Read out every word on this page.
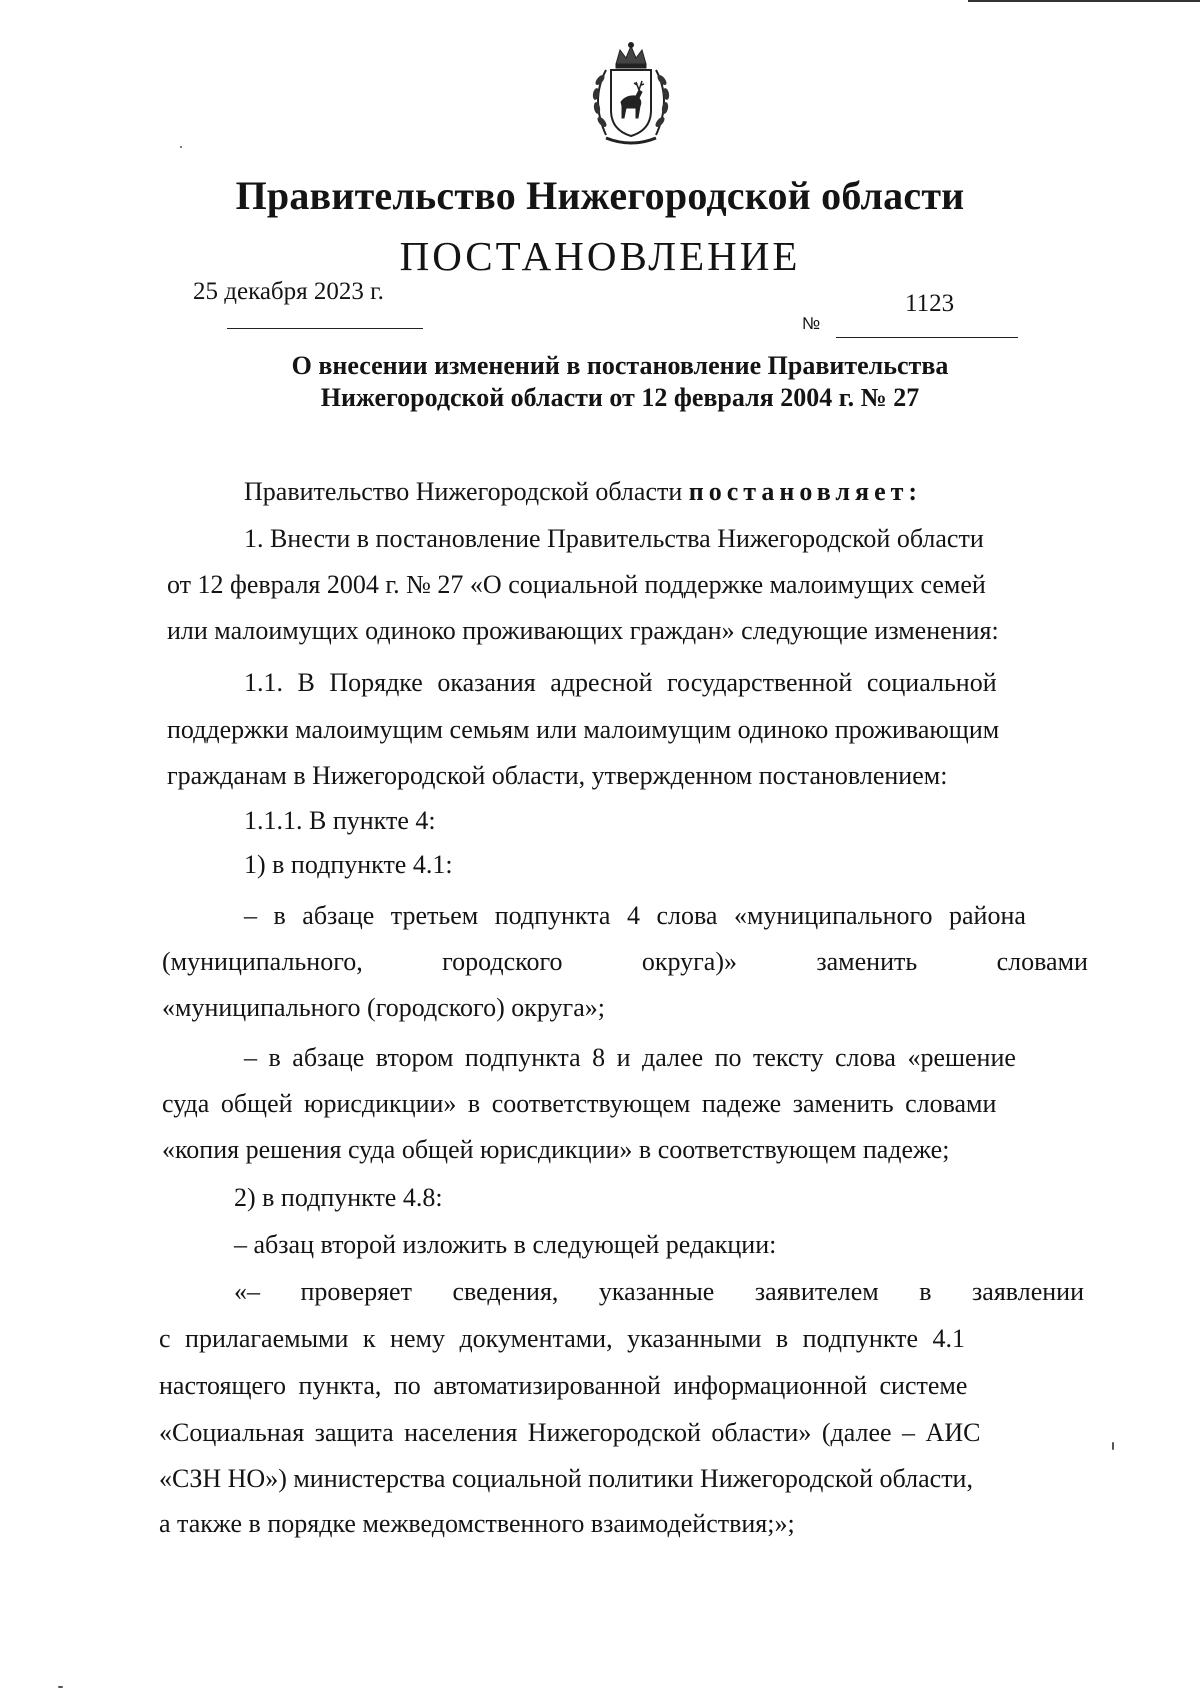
Правительство Нижегородской области
ПОСТАНОВЛЕНИЕ
25 декабря 2023 г.	1123
№
О внесении изменений в постановление Правительства
Нижегородской области от 12 февраля 2004 г. № 27
Правительство Нижегородской области постановляет:
1. Внести в постановление Правительства Нижегородской области
от 12 февраля 2004 г. № 27 «О социальной поддержке малоимущих семей
или малоимущих одиноко проживающих граждан» следующие изменения:
1.1. В Порядке оказания адресной государственной социальной
поддержки малоимущим семьям или малоимущим одиноко проживающим
гражданам в Нижегородской области, утвержденном постановлением:
1.1.1. В пункте 4:
1) в подпункте 4.1:
– в абзаце третьем подпункта 4 слова «муниципального района
(муниципального,	городского	округа)»	заменить	словами
«муниципального (городского) округа»;
– в абзаце втором подпункта 8 и далее по тексту слова «решение
суда общей юрисдикции» в соответствующем падеже заменить словами
«копия решения суда общей юрисдикции» в соответствующем падеже;
2) в подпункте 4.8:
– абзац второй изложить в следующей редакции:
«– проверяет сведения, указанные заявителем в заявлении
с прилагаемыми к нему документами, указанными в подпункте 4.1
настоящего пункта, по автоматизированной информационной системе
«Социальная защита населения Нижегородской области» (далее – АИС
«СЗН НО») министерства социальной политики Нижегородской области,
а также в порядке межведомственного взаимодействия;»;
